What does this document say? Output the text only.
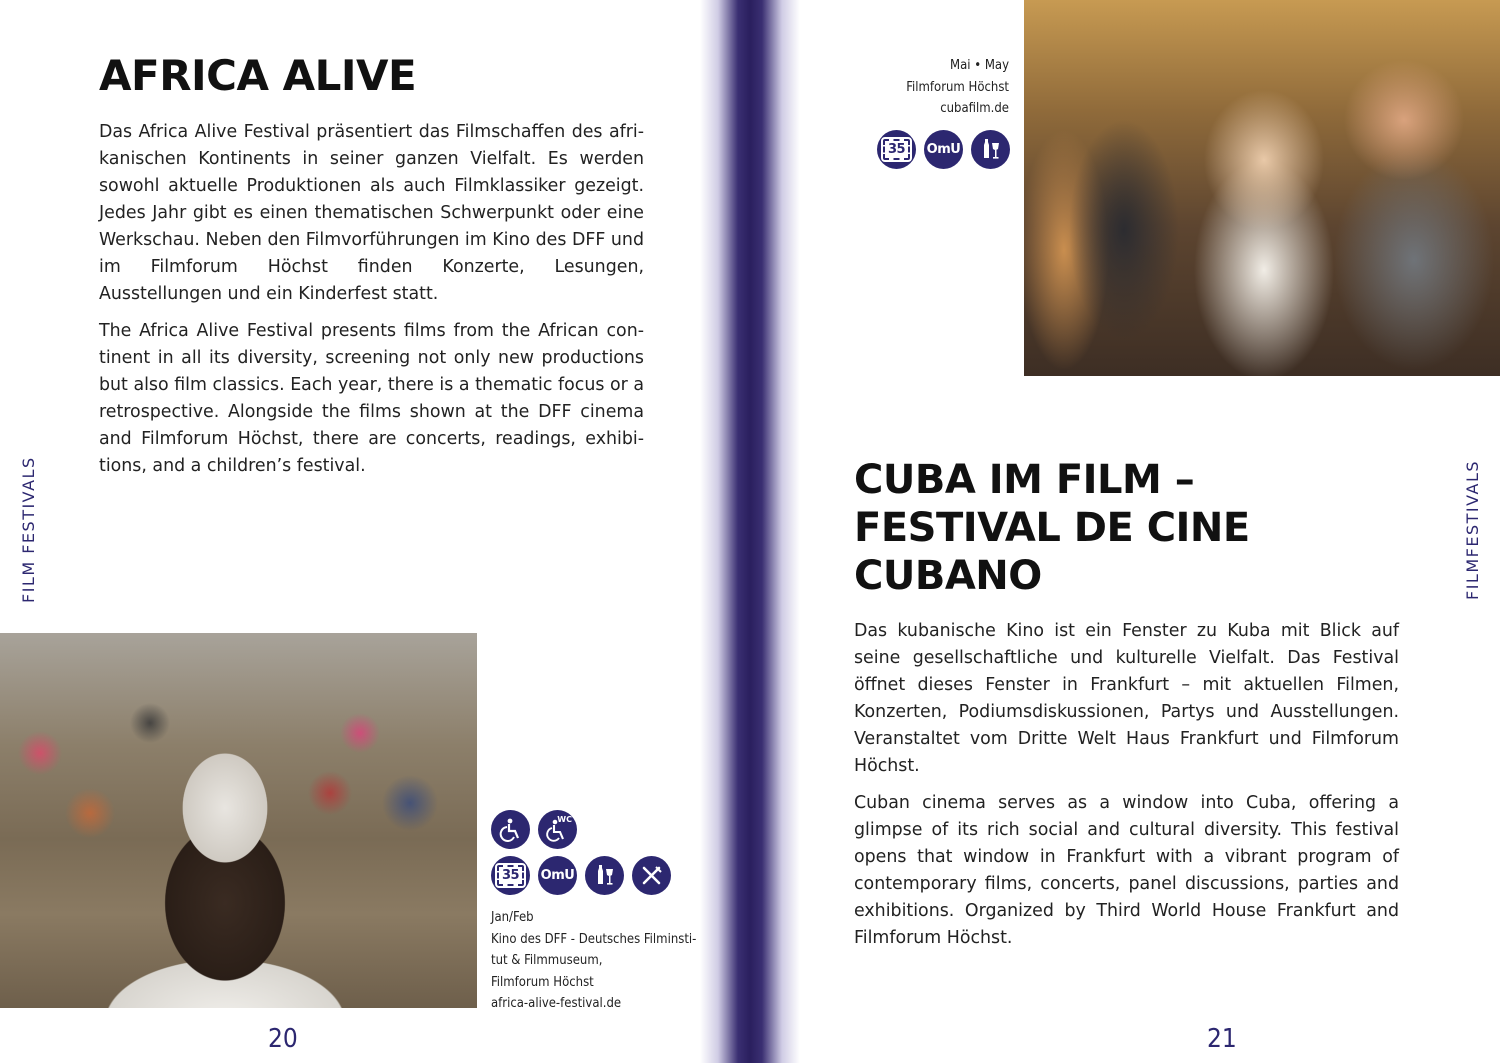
AFRICA ALIVE

Das Africa Alive Festival präsentiert das Filmschaffen des afrikanischen Kontinents in seiner ganzen Vielfalt. Es werden sowohl aktuelle Produktionen als auch Filmklassiker gezeigt. Jedes Jahr gibt es einen thematischen Schwerpunkt oder eine Werkschau. Neben den Filmvorführungen im Kino des DFF und im Filmforum Höchst finden Konzerte, Lesungen, Ausstellungen und ein Kinderfest statt.

The Africa Alive Festival presents films from the African continent in all its diversity, screening not only new productions but also film classics. Each year, there is a thematic focus or a retrospective. Alongside the films shown at the DFF cinema and Filmforum Höchst, there are concerts, readings, exhibitions, and a children’s festival.

FILM FESTIVALS
WC
35	OmU
Jan/Feb
Kino des DFF - Deutsches Filminsti-
tut & Filmmuseum,
Filmforum Höchst
africa-alive-festival.de
20
Mai • May
Filmforum Höchst
cubafilm.de
35	OmU
CUBA IM FILM –
FESTIVAL DE CINE
CUBANO

Das kubanische Kino ist ein Fenster zu Kuba mit Blick auf seine gesellschaftliche und kulturelle Vielfalt. Das Festival öffnet dieses Fenster in Frankfurt – mit aktuellen Filmen, Konzerten, Podiumsdiskussionen, Partys und Ausstellungen. Veranstaltet vom Dritte Welt Haus Frankfurt und Filmforum Höchst.

Cuban cinema serves as a window into Cuba, offering a glimpse of its rich social and cultural diversity. This festival opens that window in Frankfurt with a vibrant program of contemporary films, concerts, panel discussions, parties and exhibitions. Organized by Third World House Frankfurt and Filmforum Höchst.

FILMFESTIVALS
21
